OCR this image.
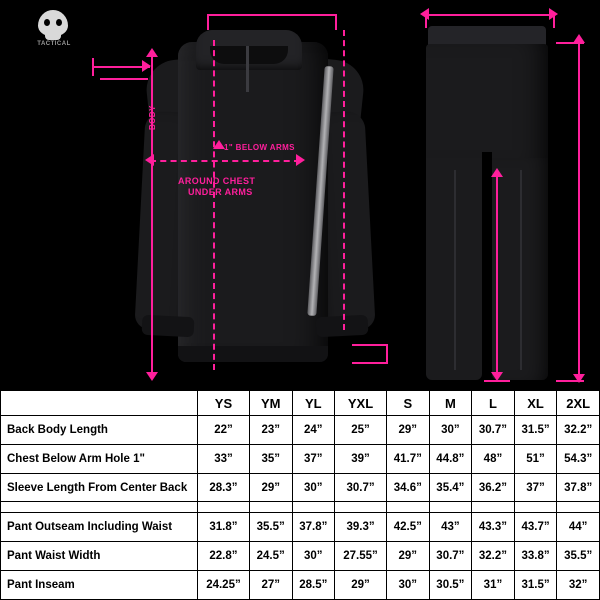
TACTICAL
BODY
1" BELOW ARMS
AROUND CHEST
UNDER ARMS
	YS	YM	YL	YXL	S	M	L	XL	2XL
Back Body Length	22”	23”	24”	25”	29”	30”	30.7”	31.5”	32.2”
Chest Below Arm Hole 1"	33”	35”	37”	39”	41.7”	44.8”	48”	51”	54.3”
Sleeve Length From Center Back	28.3”	29”	30”	30.7”	34.6”	35.4”	36.2”	37”	37.8”

Pant Outseam Including Waist	31.8”	35.5”	37.8”	39.3”	42.5”	43”	43.3”	43.7”	44”
Pant Waist Width	22.8”	24.5”	30”	27.55”	29”	30.7”	32.2”	33.8”	35.5”
Pant Inseam	24.25”	27”	28.5”	29”	30”	30.5”	31”	31.5”	32”
